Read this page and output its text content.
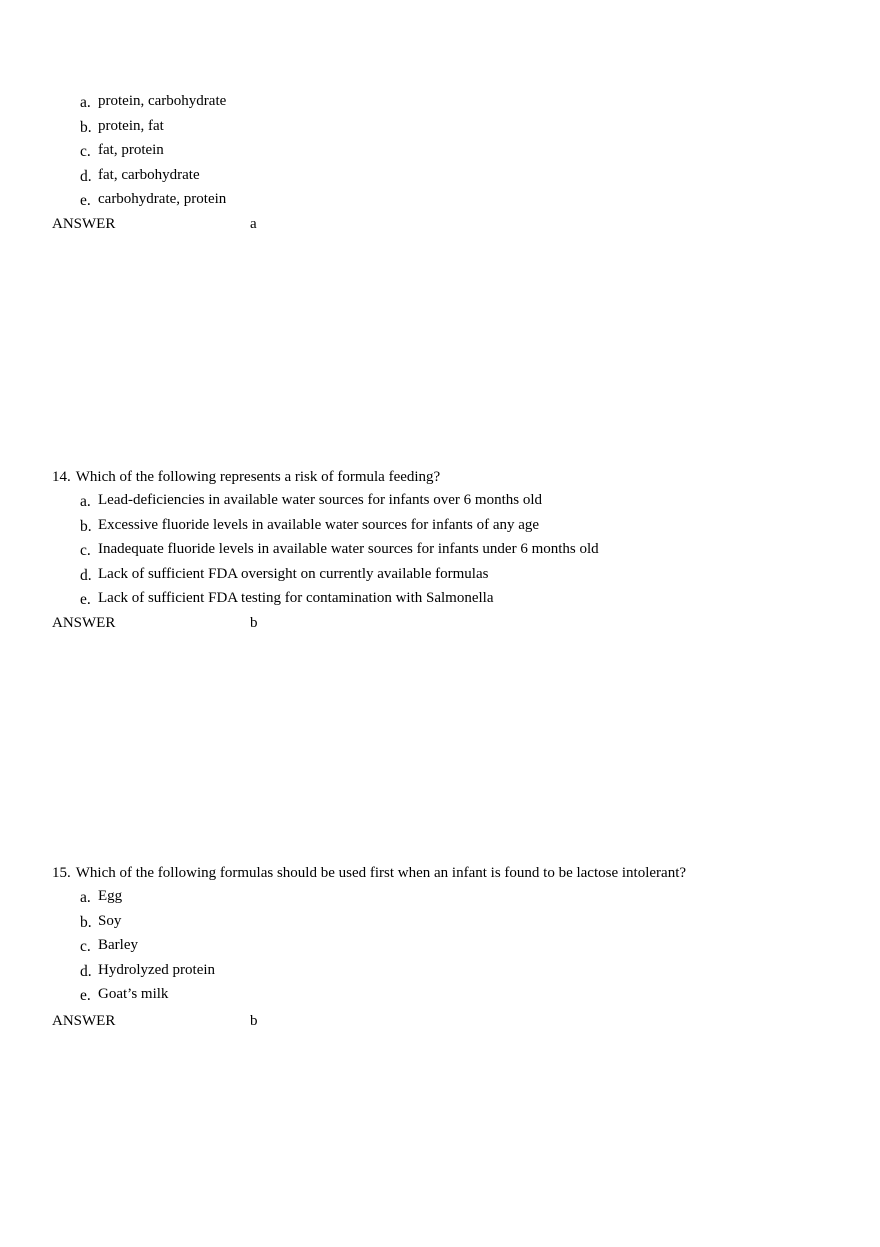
a. protein, carbohydrate
b. protein, fat
c. fat, protein
d. fat, carbohydrate
e. carbohydrate, protein
ANSWER	a
14. Which of the following represents a risk of formula feeding?
a. Lead-deficiencies in available water sources for infants over 6 months old
b. Excessive fluoride levels in available water sources for infants of any age
c. Inadequate fluoride levels in available water sources for infants under 6 months old
d. Lack of sufficient FDA oversight on currently available formulas
e. Lack of sufficient FDA testing for contamination with Salmonella
ANSWER	b
15. Which of the following formulas should be used first when an infant is found to be lactose intolerant?
a. Egg
b. Soy
c. Barley
d. Hydrolyzed protein
e. Goat’s milk
ANSWER	b
